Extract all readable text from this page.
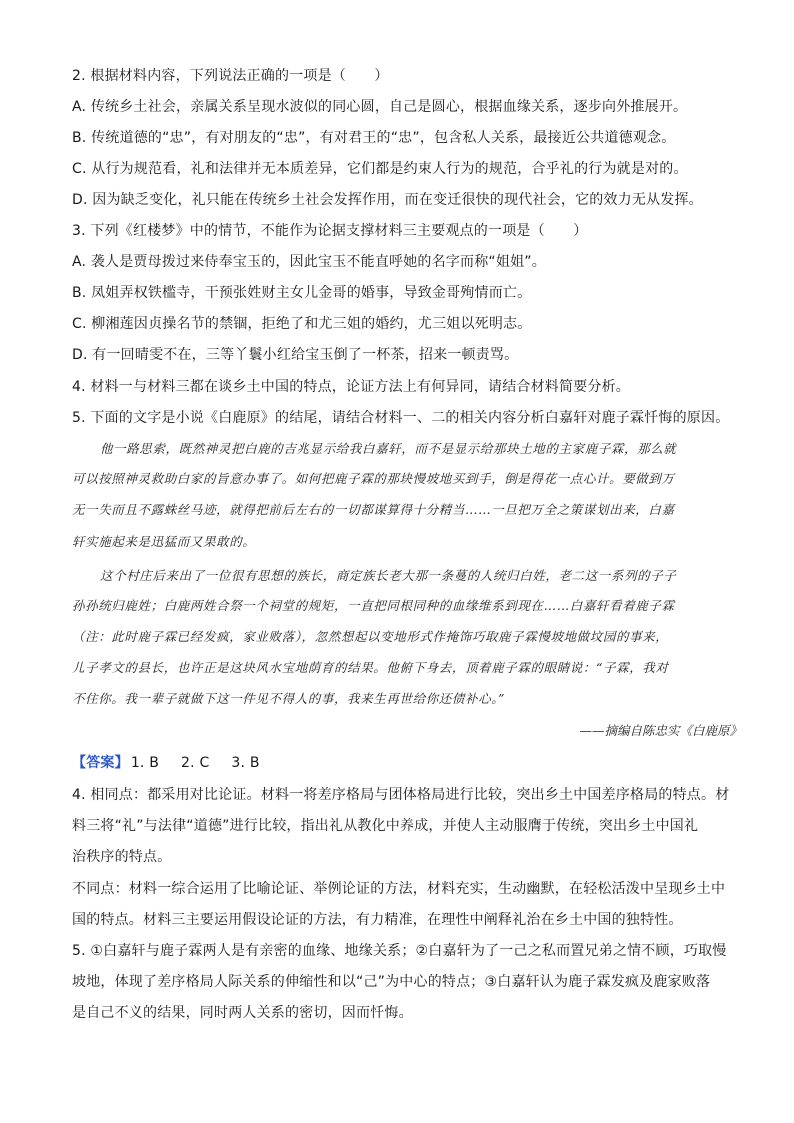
2. 根据材料内容，下列说法正确的一项是（　　）
A. 传统乡土社会，亲属关系呈现水波似的同心圆，自己是圆心，根据血缘关系，逐步向外推展开。
B. 传统道德的“忠”，有对朋友的“忠”，有对君王的“忠”，包含私人关系，最接近公共道德观念。
C. 从行为规范看，礼和法律并无本质差异，它们都是约束人行为的规范，合乎礼的行为就是对的。
D. 因为缺乏变化，礼只能在传统乡土社会发挥作用，而在变迁很快的现代社会，它的效力无从发挥。
3. 下列《红楼梦》中的情节，不能作为论据支撑材料三主要观点的一项是（　　）
A. 袭人是贾母拨过来侍奉宝玉的，因此宝玉不能直呼她的名字而称“姐姐”。
B. 凤姐弄权铁槛寺，干预张姓财主女儿金哥的婚事，导致金哥殉情而亡。
C. 柳湘莲因贞操名节的禁锢，拒绝了和尤三姐的婚约，尤三姐以死明志。
D. 有一回晴雯不在，三等丫鬟小红给宝玉倒了一杯茶，招来一顿责骂。
4. 材料一与材料三都在谈乡土中国的特点，论证方法上有何异同，请结合材料简要分析。
5. 下面的文字是小说《白鹿原》的结尾，请结合材料一、二的相关内容分析白嘉轩对鹿子霖忏悔的原因。
他一路思索，既然神灵把白鹿的吉兆显示给我白嘉轩，而不是显示给那块土地的主家鹿子霖，那么就
可以按照神灵救助白家的旨意办事了。如何把鹿子霖的那块慢坡地买到手，倒是得花一点心计。要做到万
无一失而且不露蛛丝马迹，就得把前后左右的一切都谋算得十分精当……一旦把万全之策谋划出来，白嘉
轩实施起来是迅猛而又果敢的。
这个村庄后来出了一位很有思想的族长，商定族长老大那一条蔓的人统归白姓，老二这一系列的子子
孙孙统归鹿姓；白鹿两姓合祭一个祠堂的规矩，一直把同根同种的血缘维系到现在……白嘉轩看着鹿子霖
（注：此时鹿子霖已经发疯，家业败落），忽然想起以变地形式作掩饰巧取鹿子霖慢坡地做坟园的事来，
儿子孝文的县长，也许正是这块风水宝地荫育的结果。他俯下身去，顶着鹿子霖的眼睛说：“子霖，我对
不住你。我一辈子就做下这一件见不得人的事，我来生再世给你还债补心。”
——摘编自陈忠实《白鹿原》
【答案】 1. B 2. C 3. B
4. 相同点：都采用对比论证。材料一将差序格局与团体格局进行比较，突出乡土中国差序格局的特点。材
料三将“礼”与法律“道德”进行比较，指出礼从教化中养成，并使人主动服膺于传统，突出乡土中国礼
治秩序的特点。
不同点：材料一综合运用了比喻论证、举例论证的方法，材料充实，生动幽默，在轻松活泼中呈现乡土中
国的特点。材料三主要运用假设论证的方法，有力精准，在理性中阐释礼治在乡土中国的独特性。
5. ①白嘉轩与鹿子霖两人是有亲密的血缘、地缘关系；②白嘉轩为了一己之私而置兄弟之情不顾，巧取慢
坡地，体现了差序格局人际关系的伸缩性和以“己”为中心的特点；③白嘉轩认为鹿子霖发疯及鹿家败落
是自己不义的结果，同时两人关系的密切，因而忏悔。
